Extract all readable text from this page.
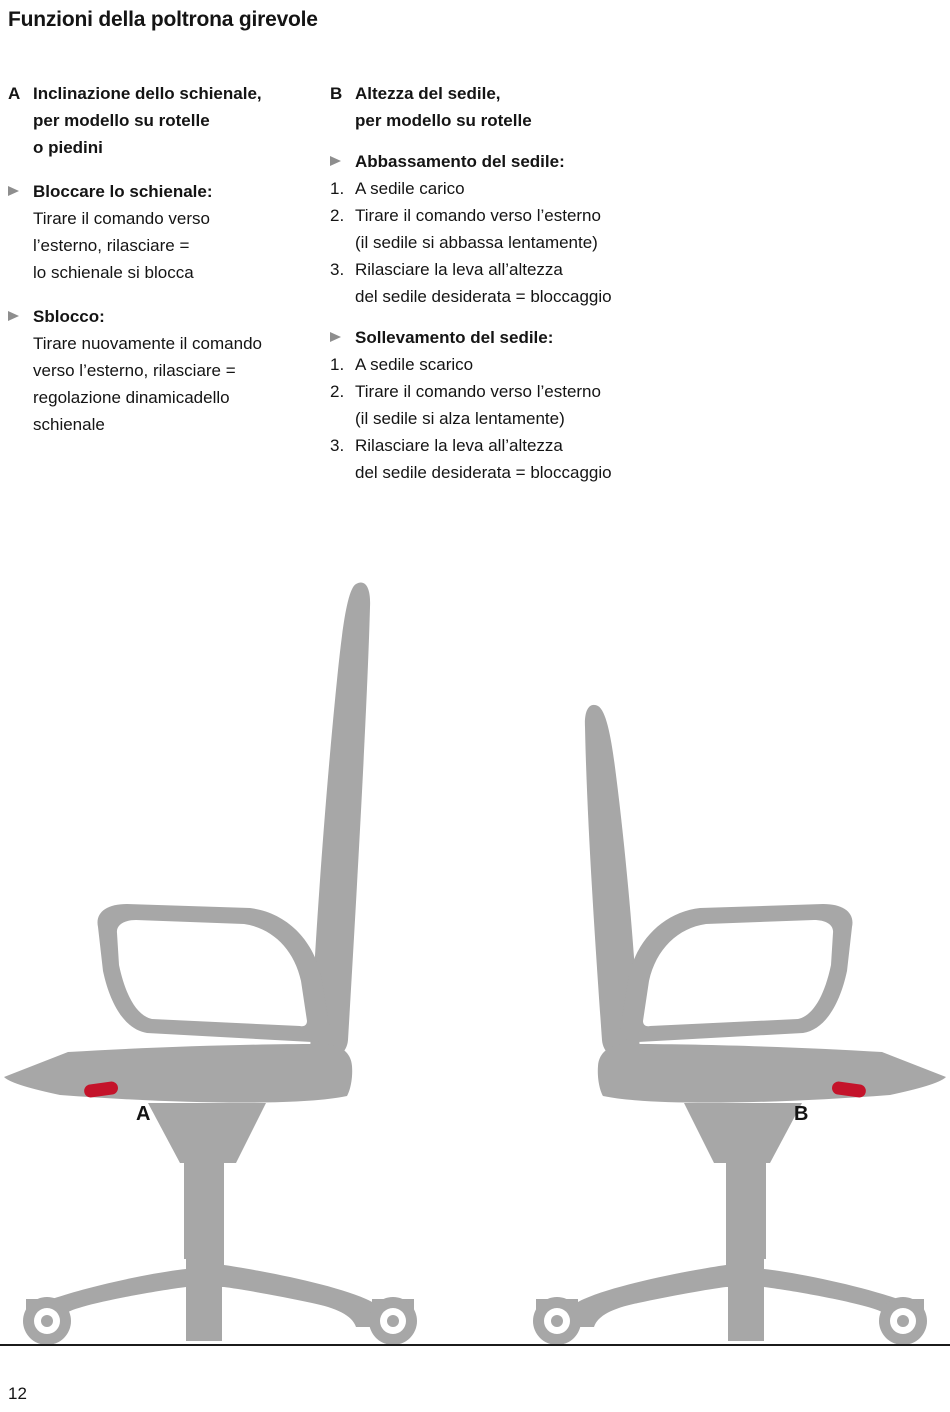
Funzioni della poltrona girevole
A Inclinazione dello schienale,
per modello su rotelle
o piedini
Bloccare lo schienale:
Tirare il comando verso
l’esterno, rilasciare =
lo schienale si blocca
Sblocco:
Tirare nuovamente il comando
verso l’esterno, rilasciare =
regolazione dinamicadello
schienale
B Altezza del sedile,
per modello su rotelle
Abbassamento del sedile:
1. A sedile carico
2. Tirare il comando verso l’esterno
(il sedile si abbassa lentamente)
3. Rilasciare la leva all’altezza
del sedile desiderata = bloccaggio
Sollevamento del sedile:
1. A sedile scarico
2. Tirare il comando verso l’esterno
(il sedile si alza lentamente)
3. Rilasciare la leva all’altezza
del sedile desiderata = bloccaggio
A	B
12
